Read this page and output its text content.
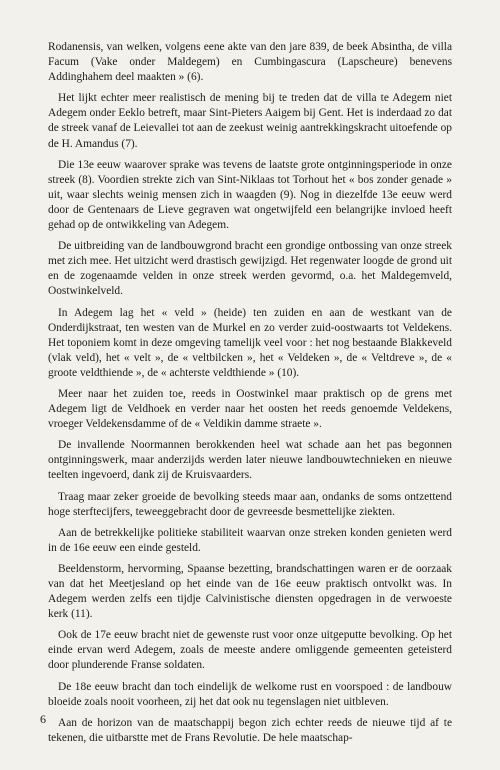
Rodanensis, van welken, volgens eene akte van den jare 839, de beek Absintha, de villa Facum (Vake onder Maldegem) en Cumbingascura (Lapscheure) benevens Addinghahem deel maakten » (6).

Het lijkt echter meer realistisch de mening bij te treden dat de villa te Adegem niet Adegem onder Eeklo betreft, maar Sint-Pieters Aaigem bij Gent. Het is inderdaad zo dat de streek vanaf de Leievallei tot aan de zeekust weinig aantrekkingskracht uitoefende op de H. Amandus (7).

Die 13e eeuw waarover sprake was tevens de laatste grote ontginningsperiode in onze streek (8). Voordien strekte zich van Sint-Niklaas tot Torhout het « bos zonder genade » uit, waar slechts weinig mensen zich in waagden (9). Nog in diezelfde 13e eeuw werd door de Gentenaars de Lieve gegraven wat ongetwijfeld een belangrijke invloed heeft gehad op de ontwikkeling van Adegem.

De uitbreiding van de landbouwgrond bracht een grondige ontbossing van onze streek met zich mee. Het uitzicht werd drastisch gewijzigd. Het regenwater loogde de grond uit en de zogenaamde velden in onze streek werden gevormd, o.a. het Maldegemveld, Oostwinkelveld.

In Adegem lag het « veld » (heide) ten zuiden en aan de westkant van de Onderdijkstraat, ten westen van de Murkel en zo verder zuid-oostwaarts tot Veldekens. Het toponiem komt in deze omgeving tamelijk veel voor : het nog bestaande Blakkeveld (vlak veld), het « velt », de « veltbilcken », het « Veldeken », de « Veltdreve », de « groote veldthiende », de « achterste veldthiende » (10).

Meer naar het zuiden toe, reeds in Oostwinkel maar praktisch op de grens met Adegem ligt de Veldhoek en verder naar het oosten het reeds genoemde Veldekens, vroeger Veldekensdamme of de « Veldikin damme straete ».

De invallende Noormannen berokkenden heel wat schade aan het pas begonnen ontginningswerk, maar anderzijds werden later nieuwe landbouwtechnieken en nieuwe teelten ingevoerd, dank zij de Kruisvaarders.

Traag maar zeker groeide de bevolking steeds maar aan, ondanks de soms ontzettend hoge sterftecijfers, teweeggebracht door de gevreesde besmettelijke ziekten.

Aan de betrekkelijke politieke stabiliteit waarvan onze streken konden genieten werd in de 16e eeuw een einde gesteld.

Beeldenstorm, hervorming, Spaanse bezetting, brandschattingen waren er de oorzaak van dat het Meetjesland op het einde van de 16e eeuw praktisch ontvolkt was. In Adegem werden zelfs een tijdje Calvinistische diensten opgedragen in de verwoeste kerk (11).

Ook de 17e eeuw bracht niet de gewenste rust voor onze uitgeputte bevolking. Op het einde ervan werd Adegem, zoals de meeste andere omliggende gemeenten geteisterd door plunderende Franse soldaten.

De 18e eeuw bracht dan toch eindelijk de welkome rust en voorspoed : de landbouw bloeide zoals nooit voorheen, zij het dat ook nu tegenslagen niet uitbleven.

Aan de horizon van de maatschappij begon zich echter reeds de nieuwe tijd af te tekenen, die uitbarstte met de Frans Revolutie. De hele maatschap-

6
